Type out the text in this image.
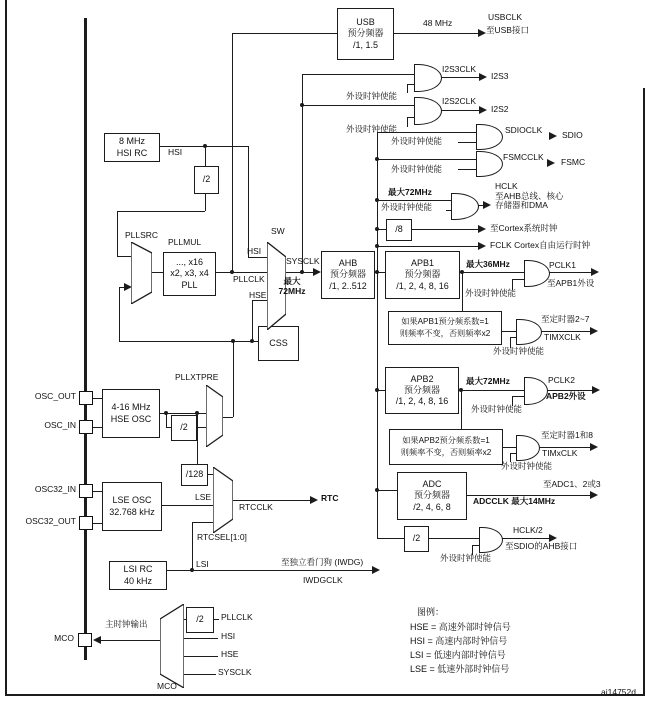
USB
预分频器
/1, 1.5
8 MHz
HSI RC
/2
..., x16
x2, x3, x4
PLL
AHB
预分频器
/1, 2..512
APB1
预分频器
/1, 2, 4, 8, 16
如果APB1预分频系数=1
则频率不变，否则频率x2
APB2
预分频器
/1, 2, 4, 8, 16
如果APB2预分频系数=1
则频率不变，否则频率x2
ADC
预分频器
/2, 4, 6, 8
/8
CSS
4-16 MHz
HSE OSC
/2
/128
LSE OSC
32.768 kHz
LSI RC
40 kHz
/2
/2
48 MHz
USBCLK
至USB接口
I2S3CLK
I2S3
I2S2CLK
I2S2
外设时钟使能
外设时钟使能
外设时钟使能
外设时钟使能
外设时钟使能
外设时钟使能
外设时钟使能
外设时钟使能
外设时钟使能
外设时钟使能
SDIOCLK SDIO
FSMCCLK FSMC
最大72MHz
HCLK
至AHB总线、核心
存储器和DMA
至Cortex系统时钟
FCLK Cortex自由运行时钟
HSI
PLLSRC
PLLMUL
SW
HSI
PLLCLK
HSE
SYSCLK
最大72MHz
最大36MHz	PCLK1
至APB1外设
至定时器2~7
TIMXCLK
最大72MHz	PCLK2
APB2外设
至定时器1和8
TIMxCLK
至ADC1、2或3
ADCCLK 最大14MHz
HCLK/2
至SDIO的AHB接口
PLLXTPRE
OSC_OUT
OSC_IN
OSC32_IN
OSC32_OUT
MCO
LSE
RTCCLK
RTC
RTCSEL[1:0]
LSI	至独立看门狗 (IWDG)
IWDGCLK
主时钟输出
PLLCLK
HSI
HSE
SYSCLK
MCO
图例：
HSE = 高速外部时钟信号
HSI = 高速内部时钟信号
LSI = 低速内部时钟信号
LSE = 低速外部时钟信号
ai14752d
